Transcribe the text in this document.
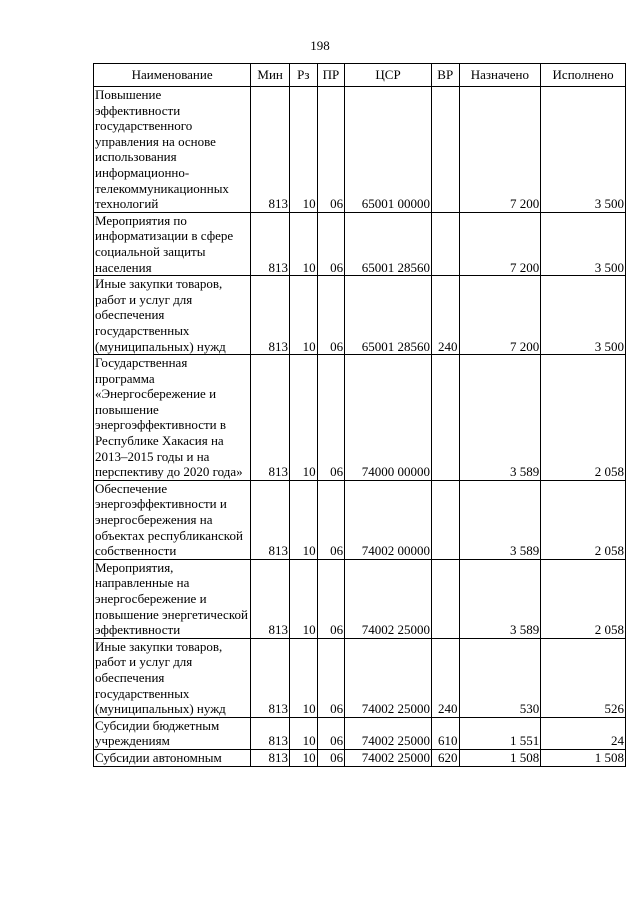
198
Наименование	Мин	Рз	ПР	ЦСР	ВР	Назначено	Исполнено
Повышение эффективности государственного управления на основе использования информационно-телекоммуникационных технологий	813	10	06	65001 00000		7 200	3 500
Мероприятия по информатизации в сфере социальной защиты населения	813	10	06	65001 28560		7 200	3 500
Иные закупки товаров, работ и услуг для обеспечения государственных (муниципальных) нужд	813	10	06	65001 28560	240	7 200	3 500
Государственная программа «Энергосбережение и повышение энергоэффективности в Республике Хакасия на 2013–2015 годы и на перспективу до 2020 года»	813	10	06	74000 00000		3 589	2 058
Обеспечение энергоэффективности и энергосбережения на объектах республиканской собственности	813	10	06	74002 00000		3 589	2 058
Мероприятия, направленные на энергосбережение и повышение энергетической эффективности	813	10	06	74002 25000		3 589	2 058
Иные закупки товаров, работ и услуг для обеспечения государственных (муниципальных) нужд	813	10	06	74002 25000	240	530	526
Субсидии бюджетным учреждениям	813	10	06	74002 25000	610	1 551	24
Субсидии автономным	813	10	06	74002 25000	620	1 508	1 508
